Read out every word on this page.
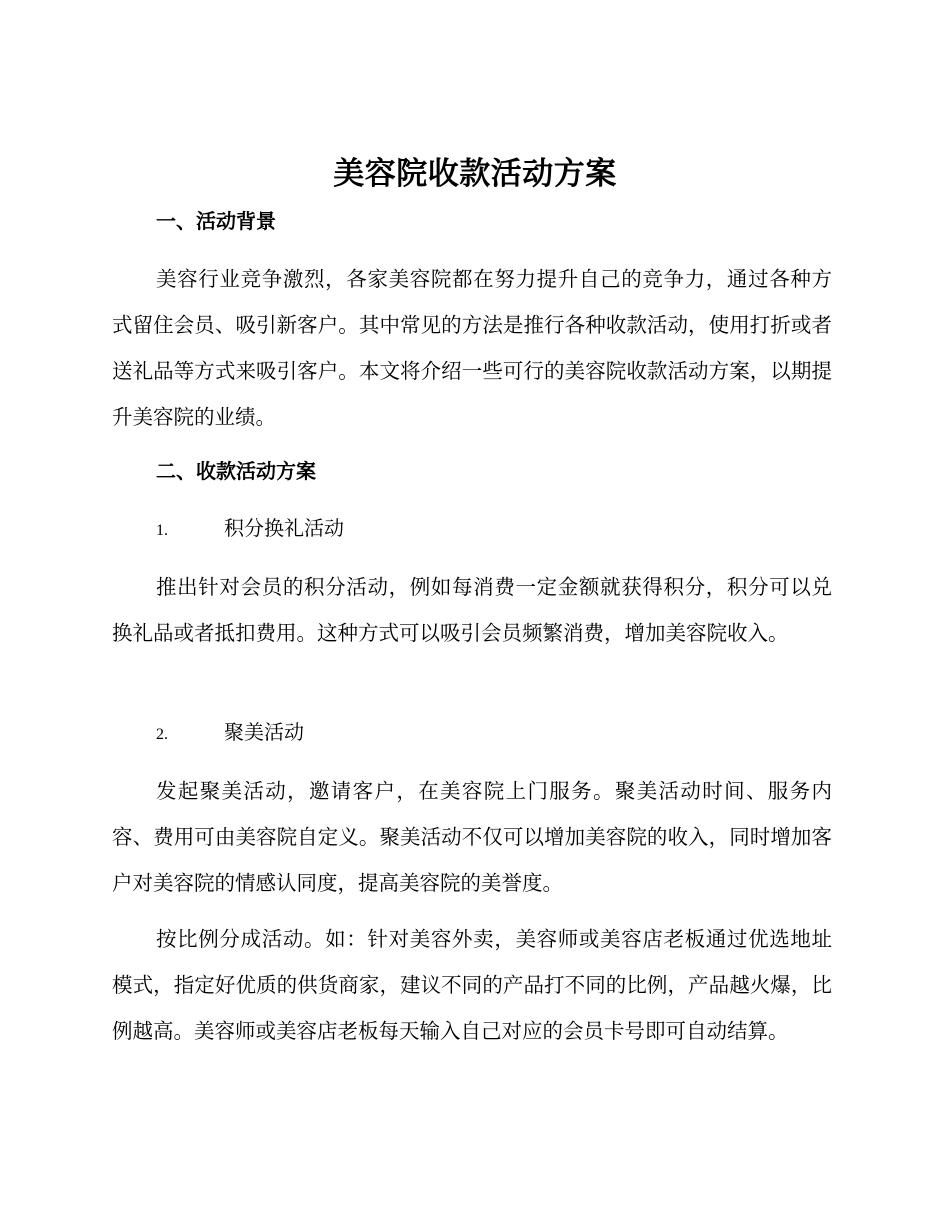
美容院收款活动方案
一、活动背景
美容行业竞争激烈，各家美容院都在努力提升自己的竞争力，通过各种方式留住会员、吸引新客户。其中常见的方法是推行各种收款活动，使用打折或者送礼品等方式来吸引客户。本文将介绍一些可行的美容院收款活动方案，以期提升美容院的业绩。
二、收款活动方案
1.	积分换礼活动
推出针对会员的积分活动，例如每消费一定金额就获得积分，积分可以兑换礼品或者抵扣费用。这种方式可以吸引会员频繁消费，增加美容院收入。
2.	聚美活动
发起聚美活动，邀请客户，在美容院上门服务。聚美活动时间、服务内容、费用可由美容院自定义。聚美活动不仅可以增加美容院的收入，同时增加客户对美容院的情感认同度，提高美容院的美誉度。
按比例分成活动。如：针对美容外卖，美容师或美容店老板通过优选地址模式，指定好优质的供货商家，建议不同的产品打不同的比例，产品越火爆，比例越高。美容师或美容店老板每天输入自己对应的会员卡号即可自动结算。
